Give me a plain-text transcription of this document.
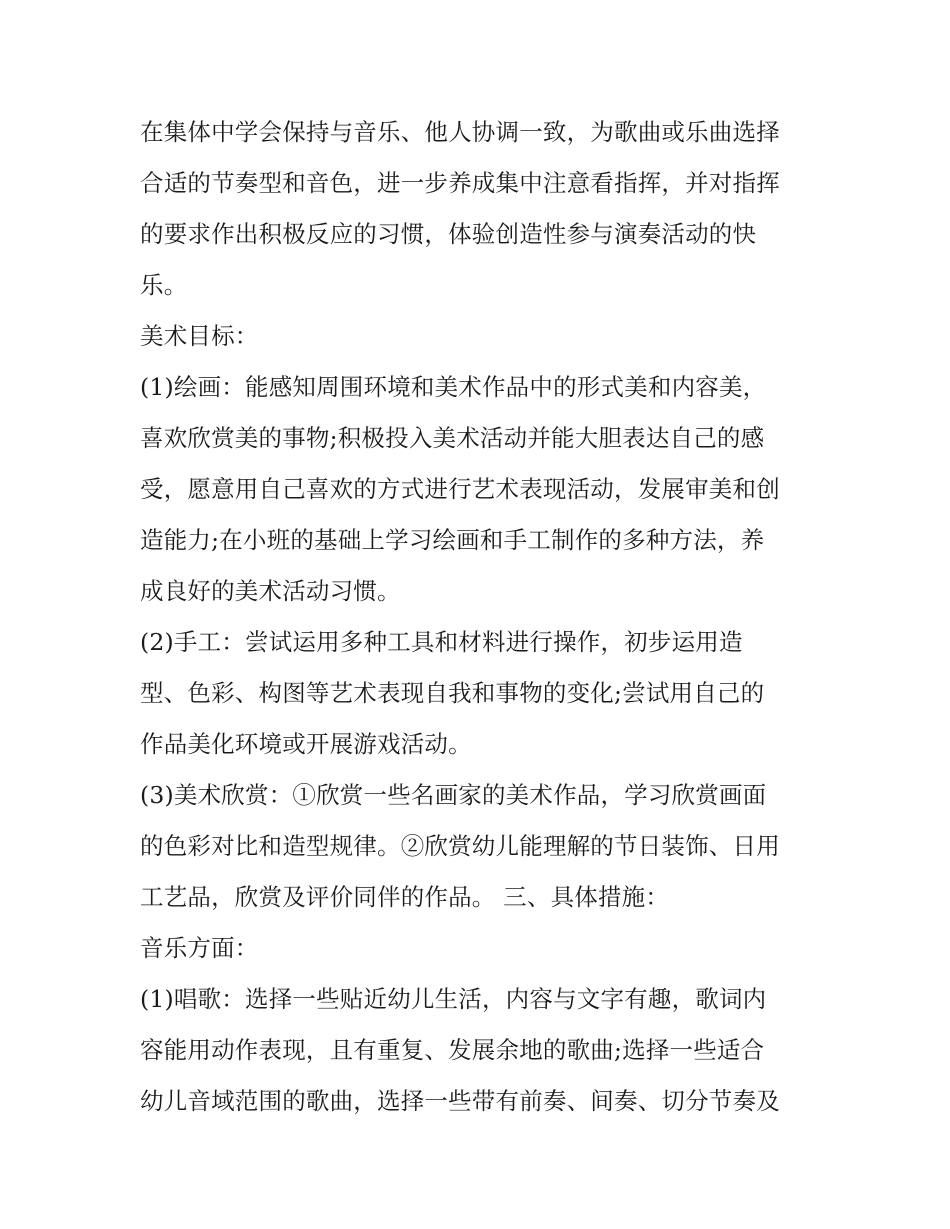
在集体中学会保持与音乐、他人协调一致，为歌曲或乐曲选择
合适的节奏型和音色，进一步养成集中注意看指挥，并对指挥
的要求作出积极反应的习惯，体验创造性参与演奏活动的快
乐。
美术目标：
(1)绘画：能感知周围环境和美术作品中的形式美和内容美，
喜欢欣赏美的事物;积极投入美术活动并能大胆表达自己的感
受，愿意用自己喜欢的方式进行艺术表现活动，发展审美和创
造能力;在小班的基础上学习绘画和手工制作的多种方法，养
成良好的美术活动习惯。
(2)手工：尝试运用多种工具和材料进行操作，初步运用造
型、色彩、构图等艺术表现自我和事物的变化;尝试用自己的
作品美化环境或开展游戏活动。
(3)美术欣赏：①欣赏一些名画家的美术作品，学习欣赏画面
的色彩对比和造型规律。②欣赏幼儿能理解的节日装饰、日用
工艺品，欣赏及评价同伴的作品。 三、具体措施：
音乐方面：
(1)唱歌：选择一些贴近幼儿生活，内容与文字有趣，歌词内
容能用动作表现，且有重复、发展余地的歌曲;选择一些适合
幼儿音域范围的歌曲，选择一些带有前奏、间奏、切分节奏及
